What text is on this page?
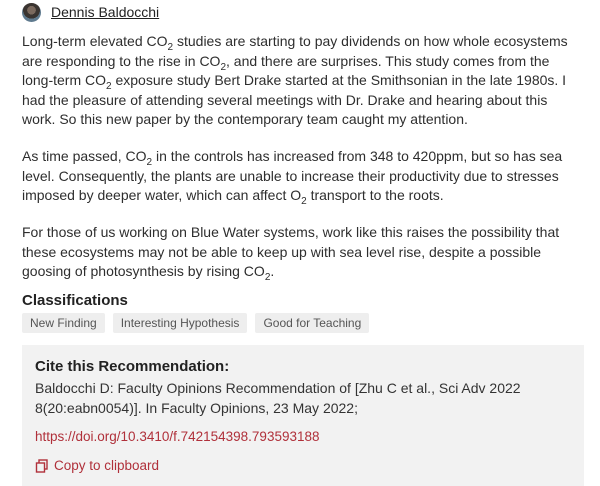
Dennis Baldocchi
Long-term elevated $CO_2$ studies are starting to pay dividends on how whole ecosystems are responding to the rise in $CO_2$, and there are surprises. This study comes from the long-term $CO_2$ exposure study Bert Drake started at the Smithsonian in the late 1980s. I had the pleasure of attending several meetings with Dr. Drake and hearing about this work. So this new paper by the contemporary team caught my attention.
As time passed, $CO_2$ in the controls has increased from 348 to 420ppm, but so has sea level. Consequently, the plants are unable to increase their productivity due to stresses imposed by deeper water, which can affect $O_2$ transport to the roots.
For those of us working on Blue Water systems, work like this raises the possibility that these ecosystems may not be able to keep up with sea level rise, despite a possible goosing of photosynthesis by rising $CO_2$.
Classifications
New Finding	Interesting Hypothesis	Good for Teaching
Cite this Recommendation:
Baldocchi D: Faculty Opinions Recommendation of [Zhu C et al., Sci Adv 2022 8(20:eabn0054)]. In Faculty Opinions, 23 May 2022;
https://doi.org/10.3410/f.742154398.793593188
Copy to clipboard
